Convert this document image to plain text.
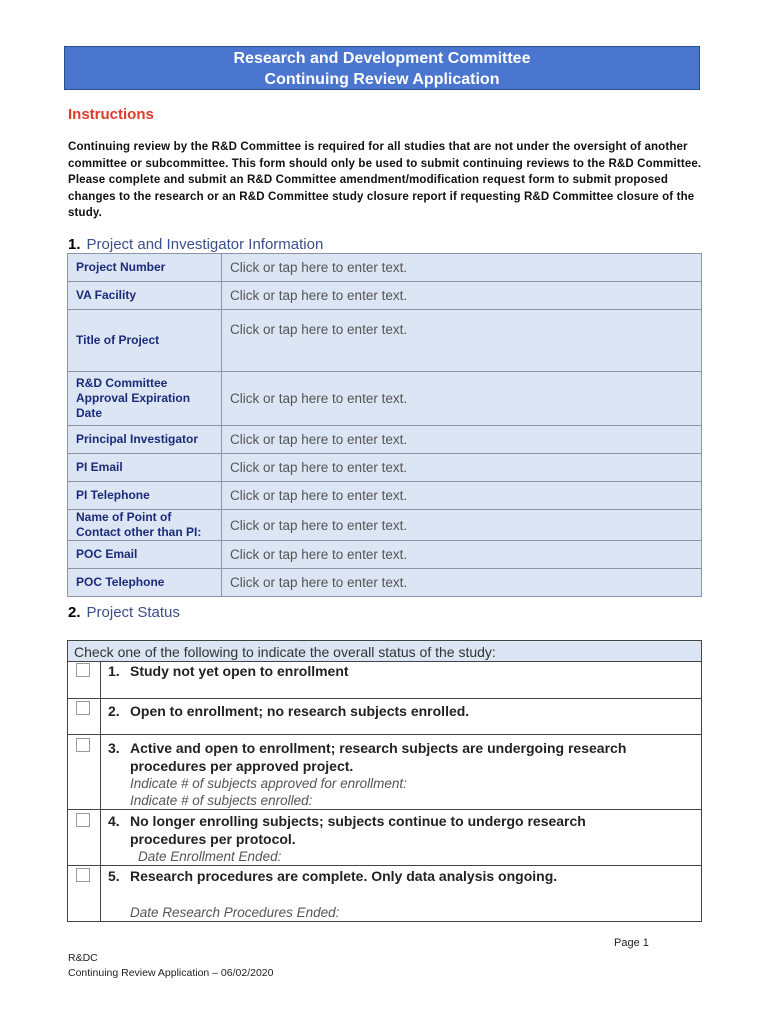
Research and Development Committee
Continuing Review Application
Instructions
Continuing review by the R&D Committee is required for all studies that are not under the oversight of another committee or subcommittee. This form should only be used to submit continuing reviews to the R&D Committee. Please complete and submit an R&D Committee amendment/modification request form to submit proposed changes to the research or an R&D Committee study closure report if requesting R&D Committee closure of the study.
1. Project and Investigator Information
Project Number	Click or tap here to enter text.
VA Facility	Click or tap here to enter text.
Title of Project	Click or tap here to enter text.
R&D Committee Approval Expiration Date	Click or tap here to enter text.
Principal Investigator	Click or tap here to enter text.
PI Email	Click or tap here to enter text.
PI Telephone	Click or tap here to enter text.
Name of Point of Contact other than PI:	Click or tap here to enter text.
POC Email	Click or tap here to enter text.
POC Telephone	Click or tap here to enter text.
2. Project Status
Check one of the following to indicate the overall status of the study:	

	1. Study not yet open to enrollment

	2. Open to enrollment; no research subjects enrolled.

	3. Active and open to enrollment; research subjects are undergoing research
procedures per approved project.
Indicate # of subjects approved for enrollment:
Indicate # of subjects enrolled:

	4. No longer enrolling subjects; subjects continue to undergo research
procedures per protocol.
Date Enrollment Ended:

	5. Research procedures are complete. Only data analysis ongoing.
Date Research Procedures Ended:
Page 1
R&DC
Continuing Review Application – 06/02/2020
